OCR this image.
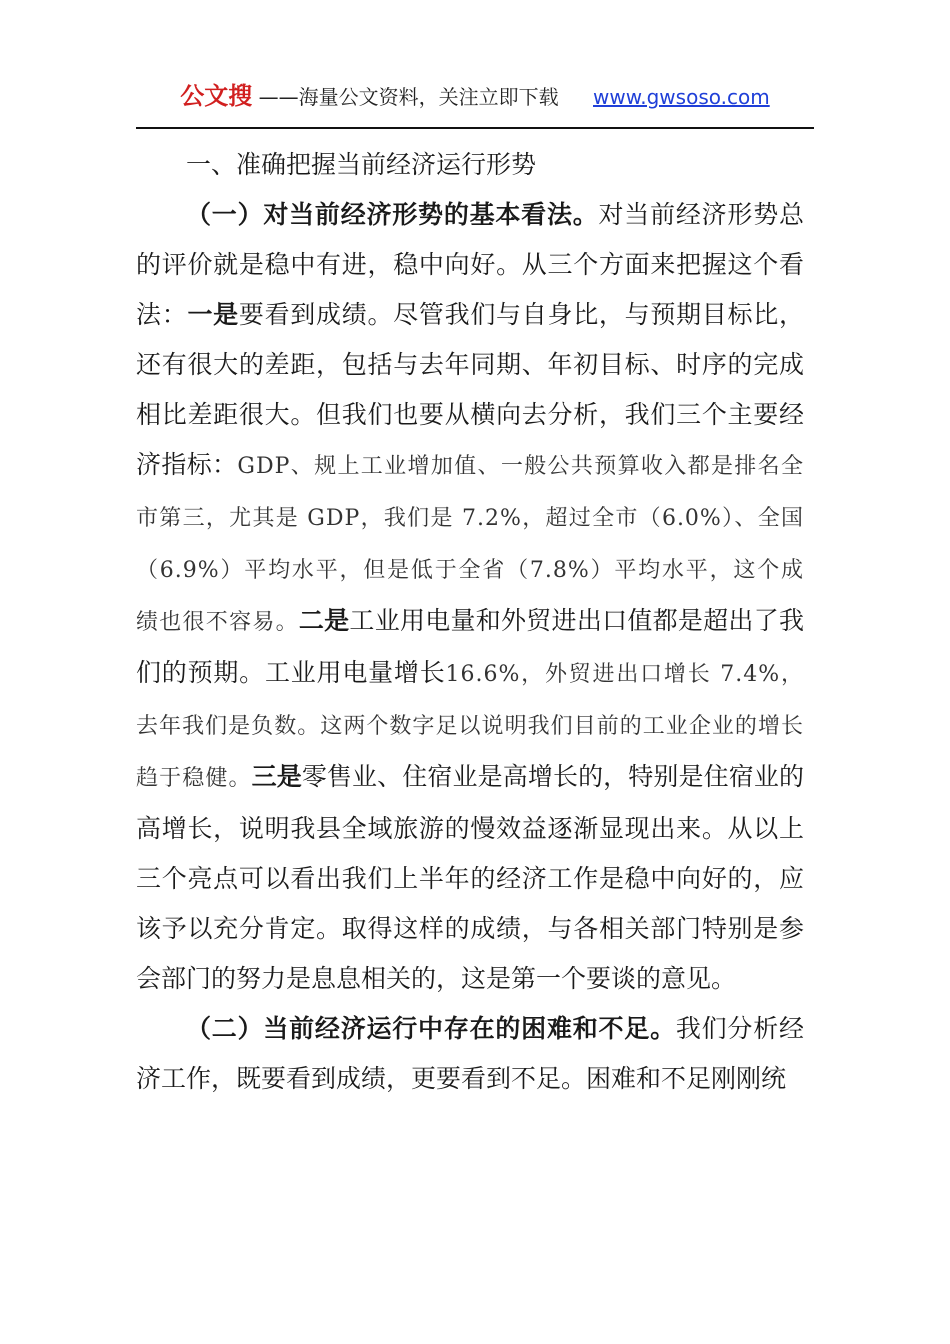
公文搜 ——海量公文资料，关注立即下载 www.gwsoso.com

一、准确把握当前经济运行形势

（一）对当前经济形势的基本看法。对当前经济形势总的评价就是稳中有进，稳中向好。从三个方面来把握这个看法：一是要看到成绩。尽管我们与自身比，与预期目标比，还有很大的差距，包括与去年同期、年初目标、时序的完成相比差距很大。但我们也要从横向去分析，我们三个主要经济指标：GDP、规上工业增加值、一般公共预算收入都是排名全市第三，尤其是 GDP，我们是 7.2%，超过全市（6.0%）、全国（6.9%）平均水平，但是低于全省（7.8%）平均水平，这个成绩也很不容易。二是工业用电量和外贸进出口值都是超出了我们的预期。工业用电量增长16.6%，外贸进出口增长 7.4%，去年我们是负数。这两个数字足以说明我们目前的工业企业的增长趋于稳健。三是零售业、住宿业是高增长的，特别是住宿业的高增长，说明我县全域旅游的慢效益逐渐显现出来。从以上三个亮点可以看出我们上半年的经济工作是稳中向好的，应该予以充分肯定。取得这样的成绩，与各相关部门特别是参会部门的努力是息息相关的，这是第一个要谈的意见。

（二）当前经济运行中存在的困难和不足。我们分析经济工作，既要看到成绩，更要看到不足。困难和不足刚刚统
